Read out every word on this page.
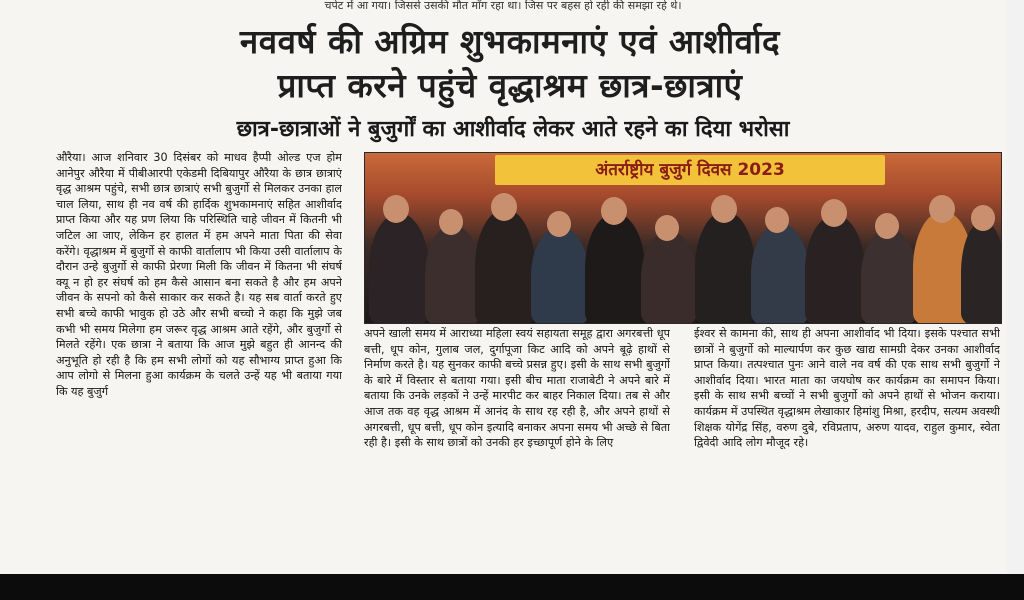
चपेट में आ गया। जिससे उसकी मौत माँग रहा था। जिस पर बहस हो रही की समझा रहे थे।
नववर्ष की अग्रिम शुभकामनाएं एवं आशीर्वाद
प्राप्त करने पहुंचे वृद्धाश्रम छात्र-छात्राएं
छात्र-छात्राओं ने बुजुर्गों का आशीर्वाद लेकर आते रहने का दिया भरोसा
औरैया। आज शनिवार 30 दिसंबर को माधव हैप्पी ओल्ड एज होम आनेपुर औरैया में पीबीआरपी एकेडमी दिबियापुर औरैया के छात्र छात्राएं वृद्ध आश्रम पहुंचे, सभी छात्र छात्राएं सभी बुजुर्गो से मिलकर उनका हाल चाल लिया, साथ ही नव वर्ष की हार्दिक शुभकामनाएं सहित आशीर्वाद प्राप्त किया और यह प्रण लिया कि परिस्थिति चाहे जीवन में कितनी भी जटिल आ जाए, लेकिन हर हालत में हम अपने माता पिता की सेवा करेंगे। वृद्धाश्रम में बुजुर्गो से काफी वार्तालाप भी किया उसी वार्तालाप के दौरान उन्हे बुजुर्गो से काफी प्रेरणा मिली कि जीवन में कितना भी संघर्ष क्यू न हो हर संघर्ष को हम कैसे आसान बना सकते है और हम अपने जीवन के सपनो को कैसे साकार कर सकते है। यह सब वार्ता करते हुए सभी बच्चे काफी भावुक हो उठे और सभी बच्चो ने कहा कि मुझे जब कभी भी समय मिलेगा हम जरूर वृद्ध आश्रम आते रहेंगे, और बुजुर्गो से मिलते रहेंगे। एक छात्रा ने बताया कि आज मुझे बहुत ही आनन्द की अनुभूति हो रही है कि हम सभी लोगों को यह सौभाग्य प्राप्त हुआ कि आप लोगो से मिलना हुआ कार्यक्रम के चलते उन्हें यह भी बताया गया कि यह बुजुर्ग
अंतर्राष्ट्रीय बुजुर्ग दिवस 2023
अपने खाली समय में आराध्या महिला स्वयं सहायता समूह द्वारा अगरबत्ती धूप बत्ती, धूप कोन, गुलाब जल, दुर्गापूजा किट आदि को अपने बूढ़े हाथों से निर्माण करते है। यह सुनकर काफी बच्चे प्रसन्न हुए। इसी के साथ सभी बुजुर्गो के बारे में विस्तार से बताया गया। इसी बीच माता राजाबेटी ने अपने बारे में बताया कि उनके लड़कों ने उन्हें मारपीट कर बाहर निकाल दिया। तब से और आज तक वह वृद्ध आश्रम में आनंद के साथ रह रही है, और अपने हाथों से अगरबत्ती, धूप बत्ती, धूप कोन इत्यादि बनाकर अपना समय भी अच्छे से बिता रही है। इसी के साथ छात्रों को उनकी हर इच्छापूर्ण होने के लिए
ईश्वर से कामना की, साथ ही अपना आशीर्वाद भी दिया। इसके पश्चात सभी छात्रों ने बुजुर्गो को माल्यार्पण कर कुछ खाद्य सामग्री देकर उनका आशीर्वाद प्राप्त किया। तत्पश्चात पुनः आने वाले नव वर्ष की एक साथ सभी बुजुर्गो ने आशीर्वाद दिया। भारत माता का जयघोष कर कार्यक्रम का समापन किया। इसी के साथ सभी बच्चों ने सभी बुजुर्गो को अपने हाथों से भोजन कराया। कार्यक्रम में उपस्थित वृद्धाश्रम लेखाकार हिमांशु मिश्रा, हरदीप, सत्यम अवस्थी शिक्षक योगेंद्र सिंह, वरुण दुबे, रविप्रताप, अरुण यादव, राहुल कुमार, स्वेता द्विवेदी आदि लोग मौजूद रहे।
